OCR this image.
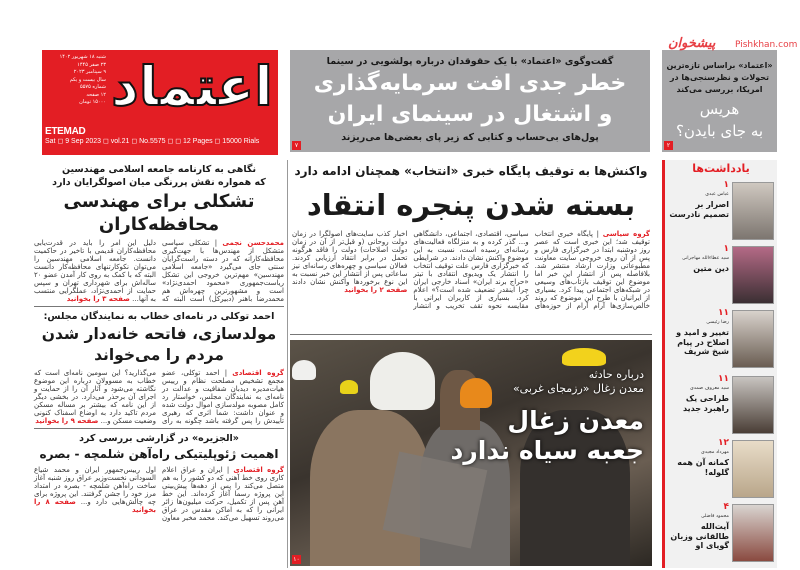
اعتماد
شنبه ۱۸ شهریور ۱۴۰۲
۲۳ صفر ۱۴۴۵
۹ سپتامبر ۲۰۲۳
سال بیست و یکم
شماره ۵۵۷۵
۱۲ صفحه
۱۵۰۰۰ تومان
ETEMAD
Sat ◻ 9 Sep 2023 ◻ vol.21 ◻ No.5575 ◻ ◻ 12 Pages ◻ 15000 Rials
گفت‌وگوی «اعتماد» با یک حقوقدان درباره پولشویی در سینما
خطر جدی افت سرمایه‌گذاری
و اشتغال در سینمای ایران
پول‌های بی‌حساب و کتابی که زیر پای بعضی‌ها می‌ریزند
۷
«اعتماد» براساس تازه‌ترین تحولات و نظرسنجی‌ها در امریکا، بررسی می‌کند
هریس
به جای بایدن؟
۲
پیشخوان Pishkhan.com
نگاهی به کارنامه جامعه اسلامی مهندسین
که همواره نقش پررنگی میان اصولگرایان دارد
تشکلی برای مهندسی
محافظه‌کاران
محمدحسن نجمی | تشکلی سیاسی متشکل از مهندس‌ها با جهت‌گیری محافظه‌کارانه که در دسته راست‌گرایان سنتی جای می‌گیرد «جامعه اسلامی مهندسین» مهم‌ترین خروجی این تشکل ریاست‌جمهوری «محمود احمدی‌نژاد» است و مشهورترین چهره‌اش هم محمدرضا باهنر (دبیرکل) است البته که دلیل این امر را باید در قدرت‌یابی محافظه‌کاران قدیمی با تاخیر در حاکمیت دانست. جامعه اسلامی مهندسین را می‌توان نکوکارتنهای محافظه‌کار دانست البته که با کمک به روی کار آمدن عضو ۲۰ ساله‌اش برای شهرداری تهران و سپس حمایت از احمدی‌نژاد، عملگرایی منتسب به آنها... صفحه ۳ را بخوانید
احمد توکلی در نامه‌ای خطاب به نمایندگان مجلس:
مولدسازی، فاتحه خانه‌دار شدن
مردم را می‌خواند
گروه اقتصادی | احمد توکلی، عضو مجمع تشخیص مصلحت نظام و رییس هیات‌مدیره دیدبان شفافیت و عدالت در نامه‌ای به نمایندگان مجلس، خواستار رد کامل مصوبه مولدسازی اموال دولت شده و عنوان داشت: شما اثری که رهبری تاییدش را پس گرفته باشد چگونه به رای می‌گذارید؟ این سومین نامه‌ای است که خطاب به مسوولان درباره این موضوع نگاشته می‌شود و آثار آن را از حمایت و اجرای آن برحذر می‌دارد. در بخشی دیگر از این نامه که بیشتر بر مساله مسکن مردم تاکید دارد به اوضاع اسفناک کنونی وضعیت مسکن و... صفحه ۹ را بخوانید
«الجزیره» در گزارشی بررسی کرد
اهمیت ژئوپلیتیکی راه‌آهن شلمچه - بصره
گروه اقتصادی | ایران و عراق اعلام کاری روی خط آهنی که دو کشور را به هم متصل می‌کند را پس از دهه‌ها پیش‌بینی این پروژه رسما آغاز کرده‌اند. این خط آهن پس از تکمیل، حرکت میلیون‌ها زائر ایرانی را که به اماکن مقدس در عراق می‌روند تسهیل می‌کند. محمد مخبر معاون اول رییس‌جمهور ایران و محمد شیاع السودانی نخست‌وزیر عراق روز شنبه آغاز ساخت راه‌آهن شلمچه - بصره در امتداد مرز خود را جشن گرفتند. این پروژه برای چه چالش‌هایی دارد و... صفحه ۸ را بخوانید
واکنش‌ها به توقیف پایگاه خبری «انتخاب» همچنان ادامه دارد
بسته شدن پنجره انتقاد
گروه سیاسی | پایگاه خبری انتخاب توقیف شد؛ این خبری است که عصر روز دوشنبه ابتدا در خبرگزاری فارس و پس از آن روی خروجی سایت معاونت مطبوعاتی وزارت ارشاد منتشر شد. بلافاصله پس از انتشار این خبر اما موضوع این توقیف بازتاب‌های وسیعی در شبکه‌های اجتماعی پیدا کرد. بسیاری از ایرانیان با طرح این موضوع که روند خالص‌سازی‌ها آرام آرام از حوزه‌های سیاسی، اقتصادی، اجتماعی، دانشگاهی و... گذر کرده و به منزلگاه فعالیت‌های رسانه‌ای رسیده است، نسبت به این موضوع واکنش نشان دادند. در شرایطی که خبرگزاری فارس علت توقیف انتخاب را انتشار یک ویدیوی انتقادی با تیتر «حراج برند ایران» اسناد خارجی ایران چرا اینقدر تضعیف شده است؟» اعلام کرد، بسیاری از کاربران ایرانی با مقایسه نحوه تقف تخریب و انتشار اخبار کذب سایت‌های اصولگرا در زمان دولت روحانی (و قبل‌تر از آن در زمان دولت اصلاحات) دولت را فاقد هرگونه تحمل در برابر انتقاد ارزیابی کردند. فعالان سیاسی و چهره‌های رسانه‌ای نیز ساعاتی پس از انتشار این خبر نسبت به این نوع برخوردها واکنش نشان دادند صفحه ۲ را بخوانید
درباره حادثه
معدن زغال «رزمجای غربی»
معدن زغال
جعبه سیاه ندارد
۱۰
یادداشت‌ها
۱
عباس عبدی
اصرار بر تصمیم نادرست
۱
سید عطاءالله مهاجرانی
دین متین
۱۱
رضا رئیسی
تغییر و امید و اصلاح در پیام شیخ شریف
۱۱
سید معروف صمدی
طراحی یک راهبرد جدید
۱۲
مهرداد مجیدی
کمانه آن همه گلوله!
۴
محمود فاضلی
آیت‌الله طالقانی وزبان گویای او
